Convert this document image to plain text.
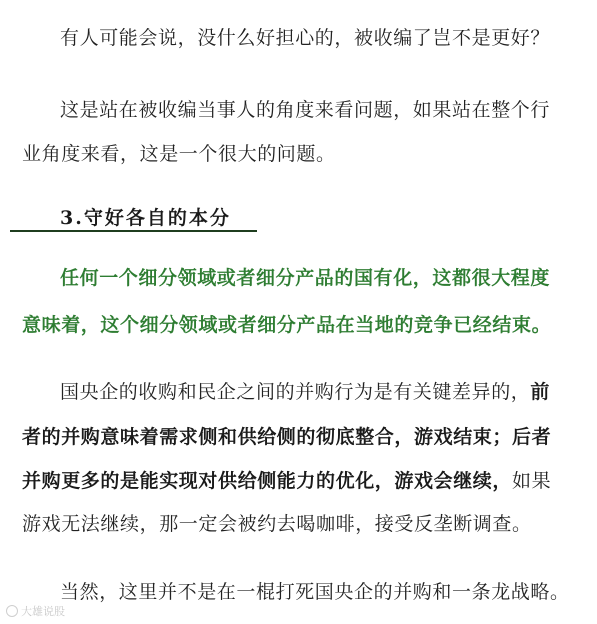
有人可能会说，没什么好担心的，被收编了岂不是更好？
这是站在被收编当事人的角度来看问题，如果站在整个行
业角度来看，这是一个很大的问题。
3.守好各自的本分
任何一个细分领域或者细分产品的国有化，这都很大程度
意味着，这个细分领域或者细分产品在当地的竞争已经结束。
国央企的收购和民企之间的并购行为是有关键差异的，前
者的并购意味着需求侧和供给侧的彻底整合，游戏结束；后者
并购更多的是能实现对供给侧能力的优化，游戏会继续，如果
游戏无法继续，那一定会被约去喝咖啡，接受反垄断调查。
当然，这里并不是在一棍打死国央企的并购和一条龙战略。
大雄说股
